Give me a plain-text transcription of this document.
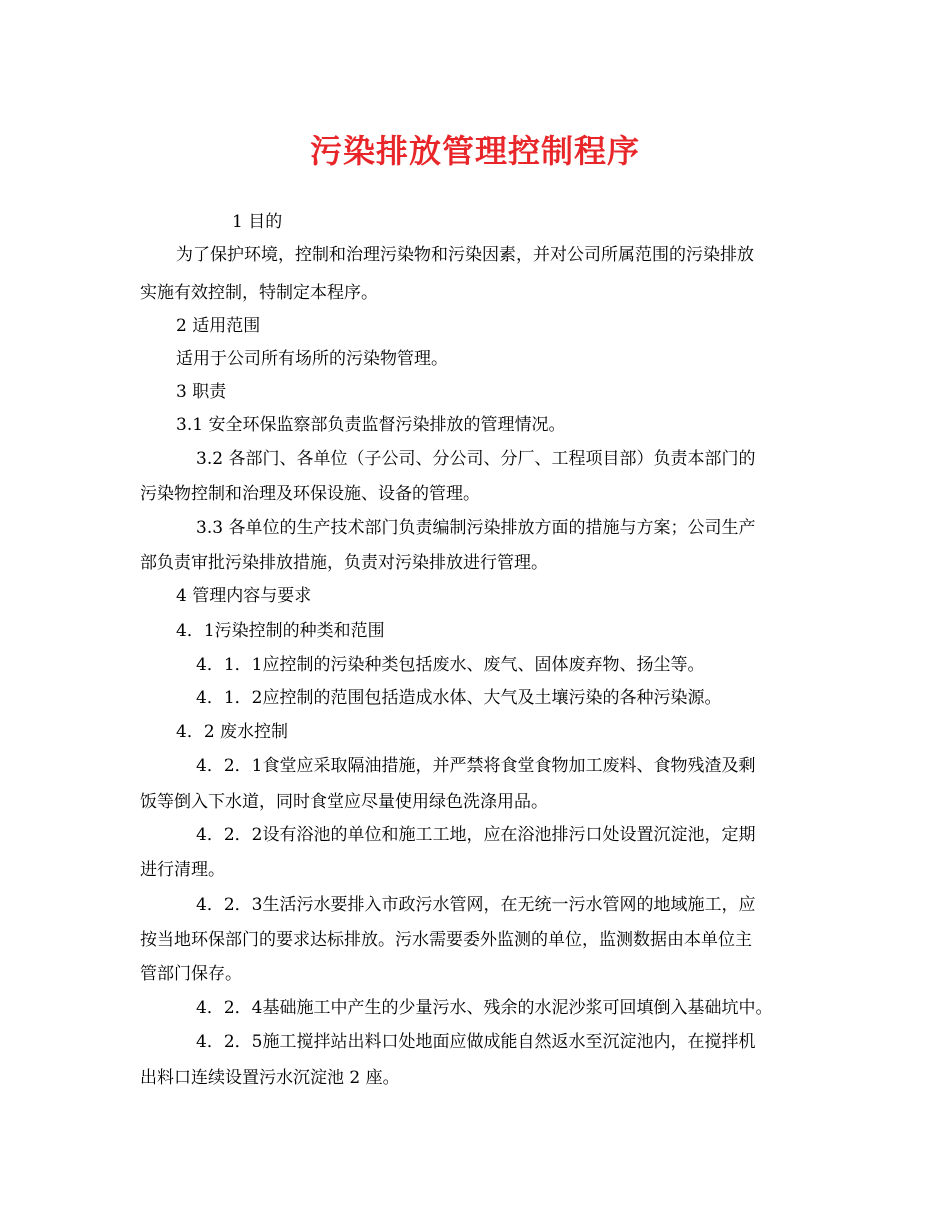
污染排放管理控制程序
1 目的
为了保护环境，控制和治理污染物和污染因素，并对公司所属范围的污染排放
实施有效控制，特制定本程序。
2 适用范围
适用于公司所有场所的污染物管理。
3 职责
3.1 安全环保监察部负责监督污染排放的管理情况。
3.2 各部门、各单位（子公司、分公司、分厂、工程项目部）负责本部门的
污染物控制和治理及环保设施、设备的管理。
3.3 各单位的生产技术部门负责编制污染排放方面的措施与方案；公司生产
部负责审批污染排放措施，负责对污染排放进行管理。
4 管理内容与要求
4．1污染控制的种类和范围
4．1．1应控制的污染种类包括废水、废气、固体废弃物、扬尘等。
4．1．2应控制的范围包括造成水体、大气及土壤污染的各种污染源。
4．2 废水控制
4．2．1食堂应采取隔油措施，并严禁将食堂食物加工废料、食物残渣及剩
饭等倒入下水道，同时食堂应尽量使用绿色洗涤用品。
4．2．2设有浴池的单位和施工工地，应在浴池排污口处设置沉淀池，定期
进行清理。
4．2．3生活污水要排入市政污水管网，在无统一污水管网的地域施工，应
按当地环保部门的要求达标排放。污水需要委外监测的单位，监测数据由本单位主
管部门保存。
4．2．4基础施工中产生的少量污水、残余的水泥沙浆可回填倒入基础坑中。
4．2．5施工搅拌站出料口处地面应做成能自然返水至沉淀池内，在搅拌机
出料口连续设置污水沉淀池 2 座。
